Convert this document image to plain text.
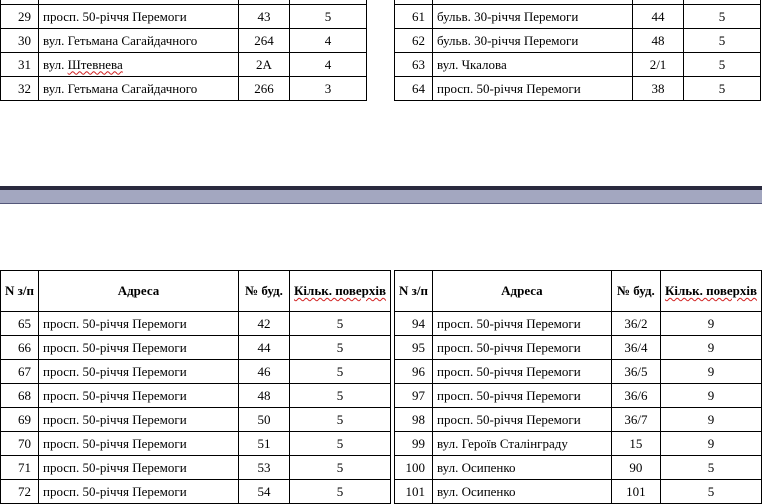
29	просп. 50-річчя Перемоги	43	5
30	вул. Гетьмана Сагайдачного	264	4
31	вул. Штевнева	2А	4
32	вул. Гетьмана Сагайдачного	266	3

61	бульв. 30-річчя Перемоги	44	5
62	бульв. 30-річчя Перемоги	48	5
63	вул. Чкалова	2/1	5
64	просп. 50-річчя Перемоги	38	5
N з/п	Адреса	№ буд.	Кільк. поверхів
65	просп. 50-річчя Перемоги	42	5
66	просп. 50-річчя Перемоги	44	5
67	просп. 50-річчя Перемоги	46	5
68	просп. 50-річчя Перемоги	48	5
69	просп. 50-річчя Перемоги	50	5
70	просп. 50-річчя Перемоги	51	5
71	просп. 50-річчя Перемоги	53	5
72	просп. 50-річчя Перемоги	54	5
N з/п	Адреса	№ буд.	Кільк. поверхів
94	просп. 50-річчя Перемоги	36/2	9
95	просп. 50-річчя Перемоги	36/4	9
96	просп. 50-річчя Перемоги	36/5	9
97	просп. 50-річчя Перемоги	36/6	9
98	просп. 50-річчя Перемоги	36/7	9
99	вул. Героїв Сталінграду	15	9
100	вул. Осипенко	90	5
101	вул. Осипенко	101	5
